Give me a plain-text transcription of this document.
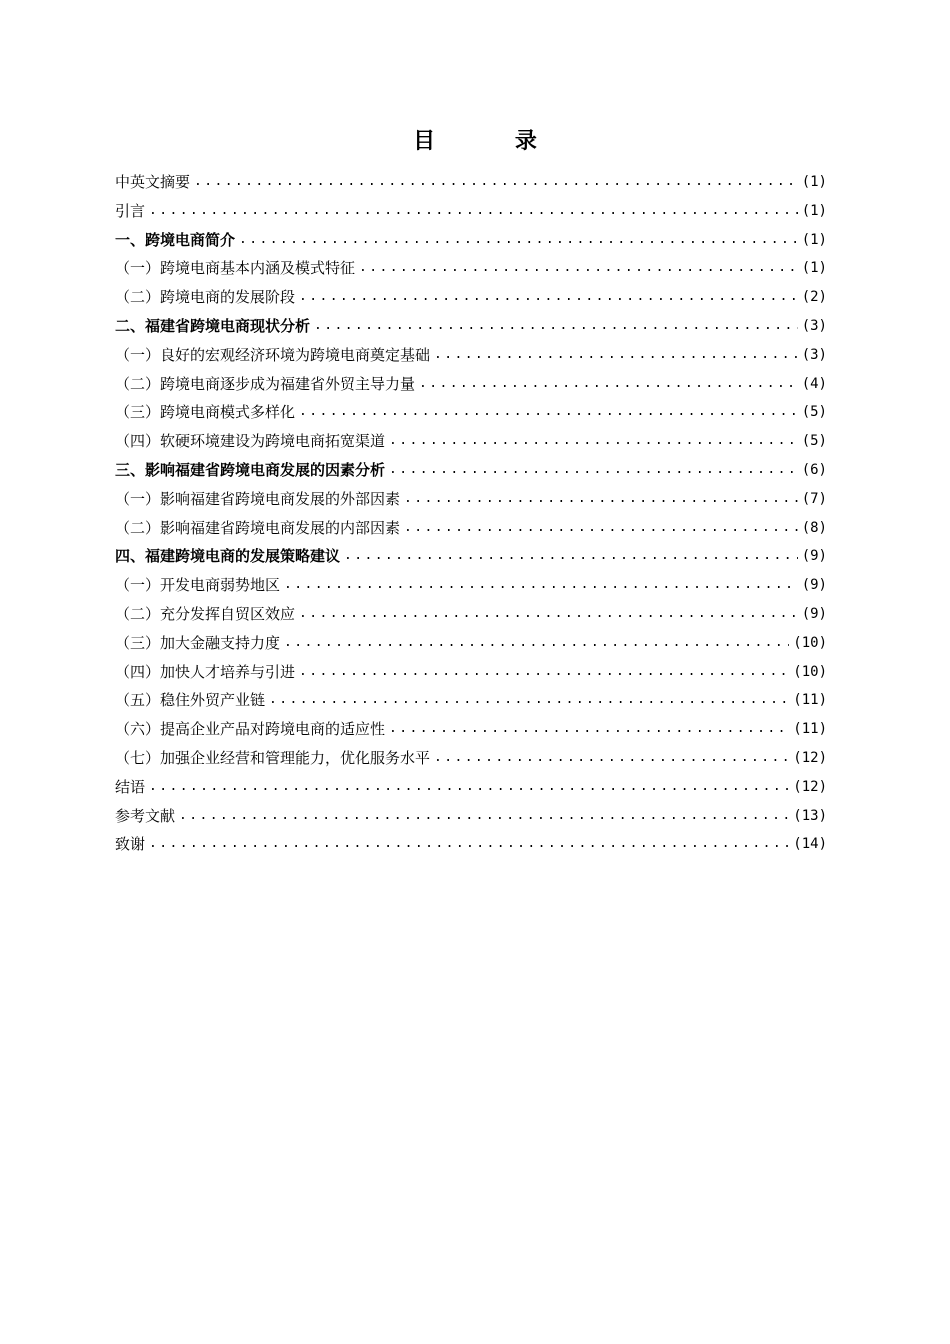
目 录
中英文摘要 .....	(1)
引言 .....	(1)
一、跨境电商简介 .....	(1)
（一）跨境电商基本内涵及模式特征 .....	(1)
（二）跨境电商的发展阶段 .....	(2)
二、福建省跨境电商现状分析 .....	(3)
（一）良好的宏观经济环境为跨境电商奠定基础 .....	(3)
（二）跨境电商逐步成为福建省外贸主导力量 .....	(4)
（三）跨境电商模式多样化 .....	(5)
（四）软硬环境建设为跨境电商拓宽渠道 .....	(5)
三、影响福建省跨境电商发展的因素分析 .....	(6)
（一）影响福建省跨境电商发展的外部因素 .....	(7)
（二）影响福建省跨境电商发展的内部因素 .....	(8)
四、福建跨境电商的发展策略建议 .....	(9)
（一）开发电商弱势地区 .....	(9)
（二）充分发挥自贸区效应 .....	(9)
（三）加大金融支持力度 .....	(10)
（四）加快人才培养与引进 .....	(10)
（五）稳住外贸产业链 .....	(11)
（六）提高企业产品对跨境电商的适应性 .....	(11)
（七）加强企业经营和管理能力，优化服务水平 .....	(12)
结语 .....	(12)
参考文献 .....	(13)
致谢 .....	(14)
